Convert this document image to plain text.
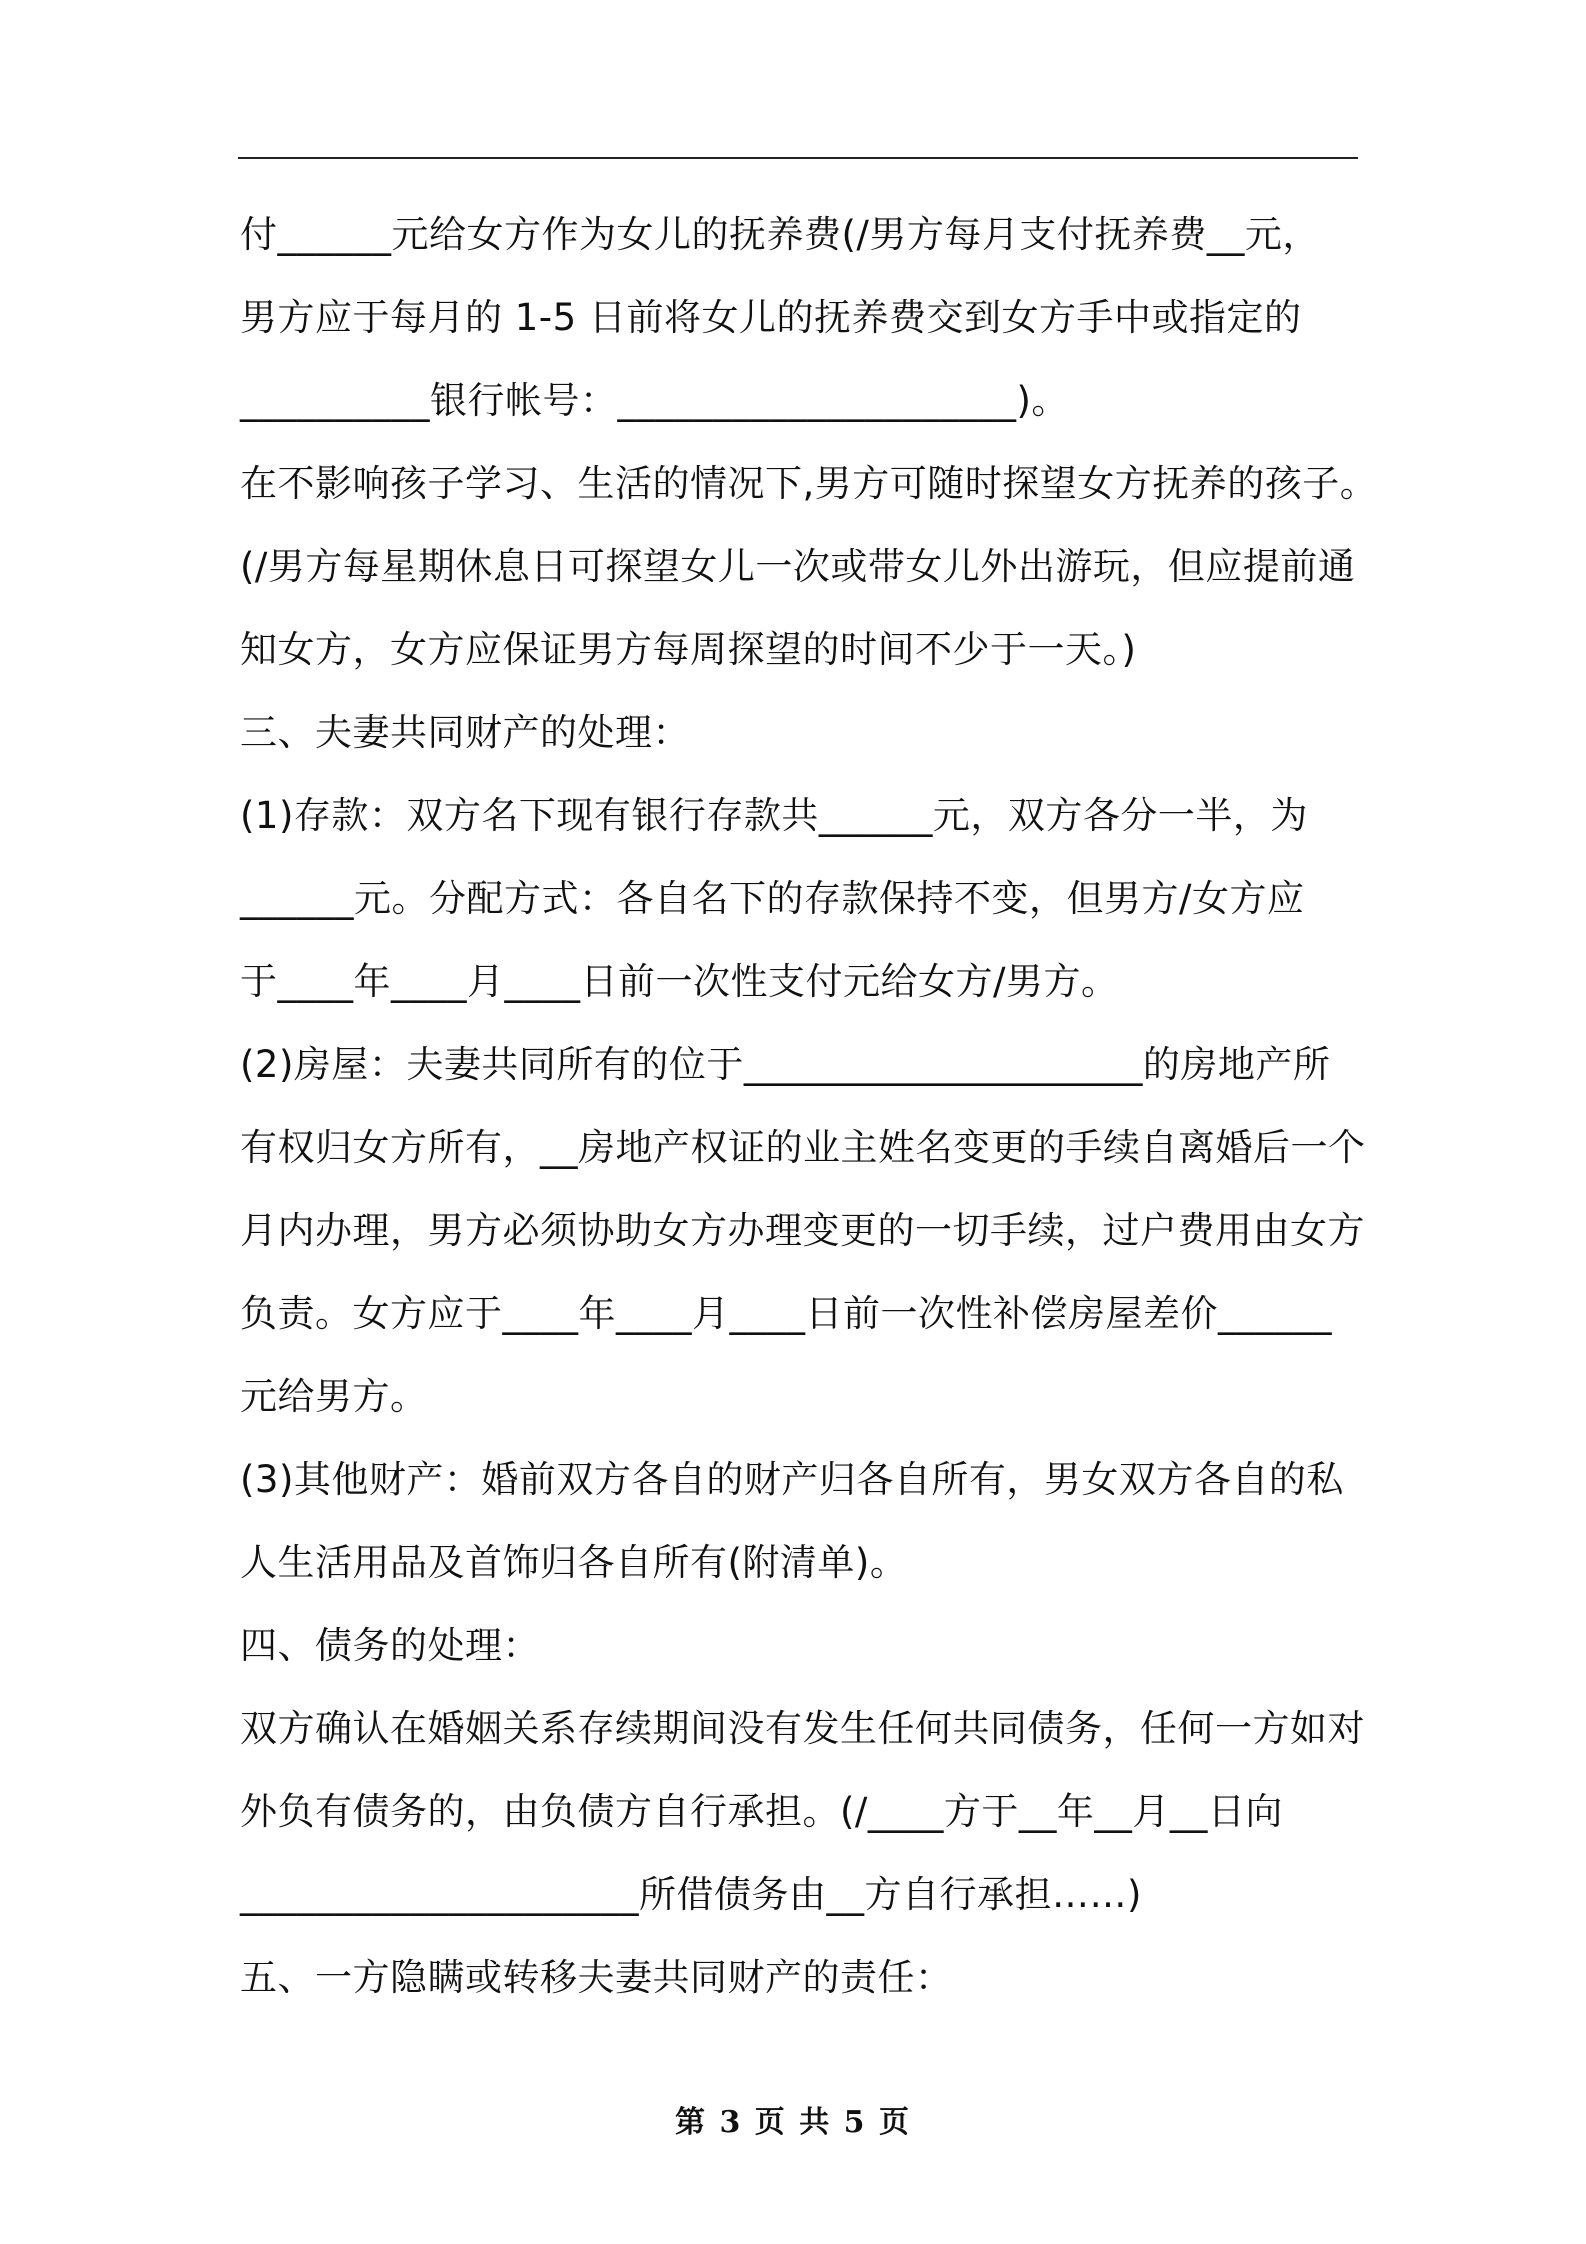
付______元给女方作为女儿的抚养费(/男方每月支付抚养费__元，
男方应于每月的 1-5 日前将女儿的抚养费交到女方手中或指定的
__________银行帐号：_____________________)。
在不影响孩子学习、生活的情况下,男方可随时探望女方抚养的孩子。
(/男方每星期休息日可探望女儿一次或带女儿外出游玩，但应提前通
知女方，女方应保证男方每周探望的时间不少于一天。)
三、夫妻共同财产的处理：
(1)存款：双方名下现有银行存款共______元，双方各分一半，为
______元。分配方式：各自名下的存款保持不变，但男方/女方应
于____年____月____日前一次性支付元给女方/男方。
(2)房屋：夫妻共同所有的位于_____________________的房地产所
有权归女方所有，__房地产权证的业主姓名变更的手续自离婚后一个
月内办理，男方必须协助女方办理变更的一切手续，过户费用由女方
负责。女方应于____年____月____日前一次性补偿房屋差价______
元给男方。
(3)其他财产：婚前双方各自的财产归各自所有，男女双方各自的私
人生活用品及首饰归各自所有(附清单)。
四、债务的处理：
双方确认在婚姻关系存续期间没有发生任何共同债务，任何一方如对
外负有债务的，由负债方自行承担。(/____方于__年__月__日向
_____________________所借债务由__方自行承担……)
五、一方隐瞒或转移夫妻共同财产的责任：
第 3 页 共 5 页
